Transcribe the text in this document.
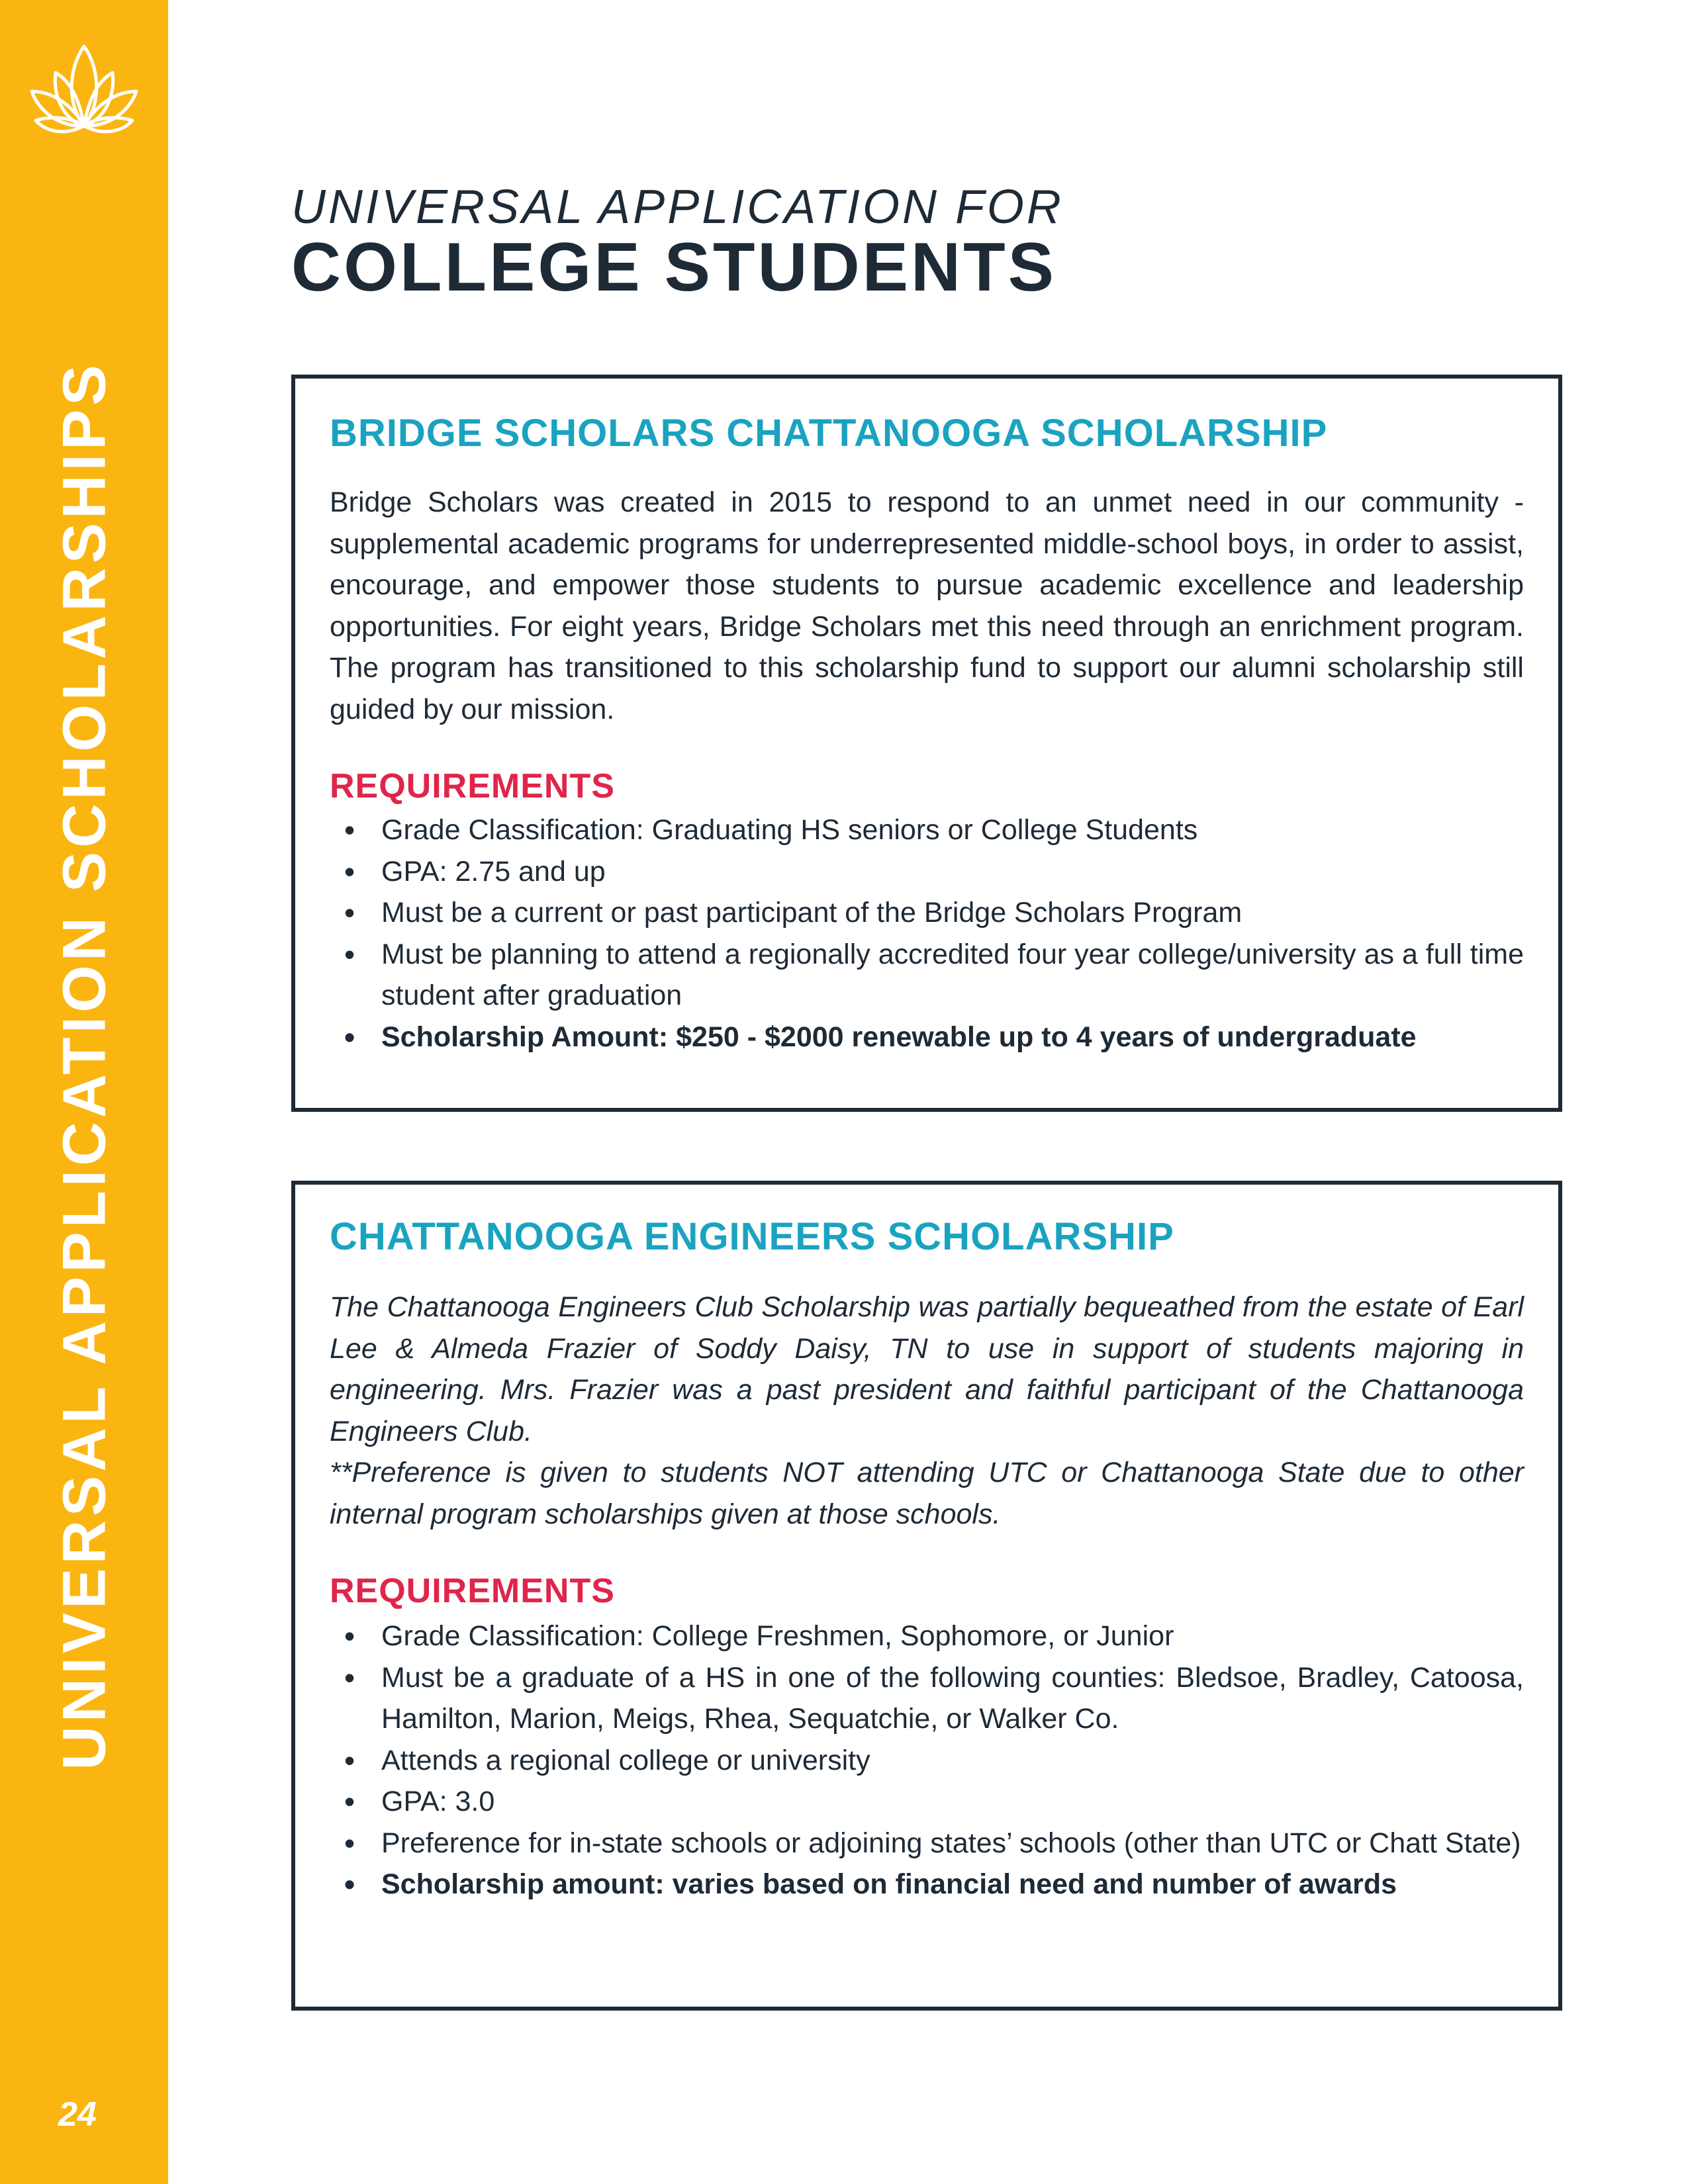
UNIVERSAL APPLICATION SCHOLARSHIPS
24
UNIVERSAL APPLICATION FOR
COLLEGE STUDENTS
BRIDGE SCHOLARS CHATTANOOGA SCHOLARSHIP

Bridge Scholars was created in 2015 to respond to an unmet need in our community - supplemental academic programs for underrepresented middle-school boys, in order to assist, encourage, and empower those students to pursue academic excellence and leadership opportunities. For eight years, Bridge Scholars met this need through an enrichment program. The program has transitioned to this scholarship fund to support our alumni scholarship still guided by our mission.

REQUIREMENTS
• Grade Classification: Graduating HS seniors or College Students
• GPA: 2.75 and up
• Must be a current or past participant of the Bridge Scholars Program
• Must be planning to attend a regionally accredited four year college/university as a full time student after graduation
• Scholarship Amount: $250 - $2000 renewable up to 4 years of undergraduate
CHATTANOOGA ENGINEERS SCHOLARSHIP

The Chattanooga Engineers Club Scholarship was partially bequeathed from the estate of Earl Lee & Almeda Frazier of Soddy Daisy, TN to use in support of students majoring in engineering. Mrs. Frazier was a past president and faithful participant of the Chattanooga Engineers Club.

**Preference is given to students NOT attending UTC or Chattanooga State due to other internal program scholarships given at those schools.

REQUIREMENTS
• Grade Classification: College Freshmen, Sophomore, or Junior
• Must be a graduate of a HS in one of the following counties: Bledsoe, Bradley, Catoosa, Hamilton, Marion, Meigs, Rhea, Sequatchie, or Walker Co.
• Attends a regional college or university
• GPA: 3.0
• Preference for in-state schools or adjoining states’ schools (other than UTC or Chatt State)
• Scholarship amount: varies based on financial need and number of awards
